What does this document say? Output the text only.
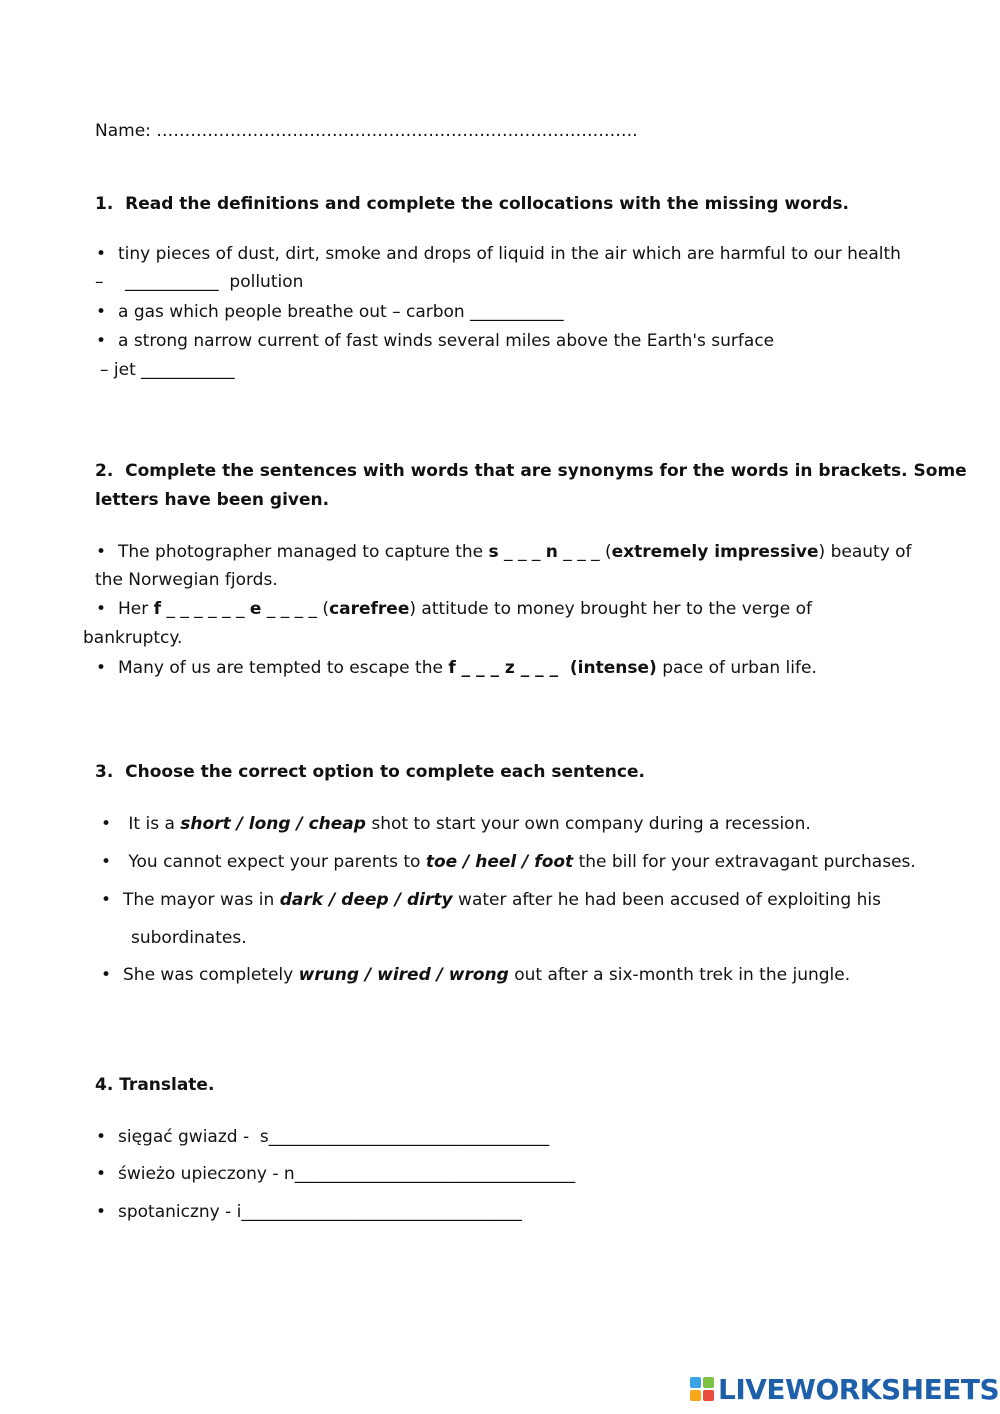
Name: ………………………………………………………………………….
1.  Read the definitions and complete the collocations with the missing words.
• tiny pieces of dust, dirt, smoke and drops of liquid in the air which are harmful to our health
–    ___________  pollution
• a gas which people breathe out – carbon ___________
• a strong narrow current of fast winds several miles above the Earth's surface
– jet ___________
2.  Complete the sentences with words that are synonyms for the words in brackets. Some
letters have been given.
• The photographer managed to capture the s _ _ _ n _ _ _ (extremely impressive) beauty of
the Norwegian fjords.
• Her f _ _ _ _ _ _ e _ _ _ _ (carefree) attitude to money brought her to the verge of
bankruptcy.
• Many of us are tempted to escape the f _ _ _ z _ _ _  (intense) pace of urban life.
3.  Choose the correct option to complete each sentence.
•  It is a short / long / cheap shot to start your own company during a recession.
•  You cannot expect your parents to toe / heel / foot the bill for your extravagant purchases.
• The mayor was in dark / deep / dirty water after he had been accused of exploiting his
subordinates.
• She was completely wrung / wired / wrong out after a six-month trek in the jungle.
4. Translate.
• sięgać gwiazd -  s_________________________________
• świeżo upieczony - n_________________________________
• spotaniczny - i_________________________________
LIVEWORKSHEETS
